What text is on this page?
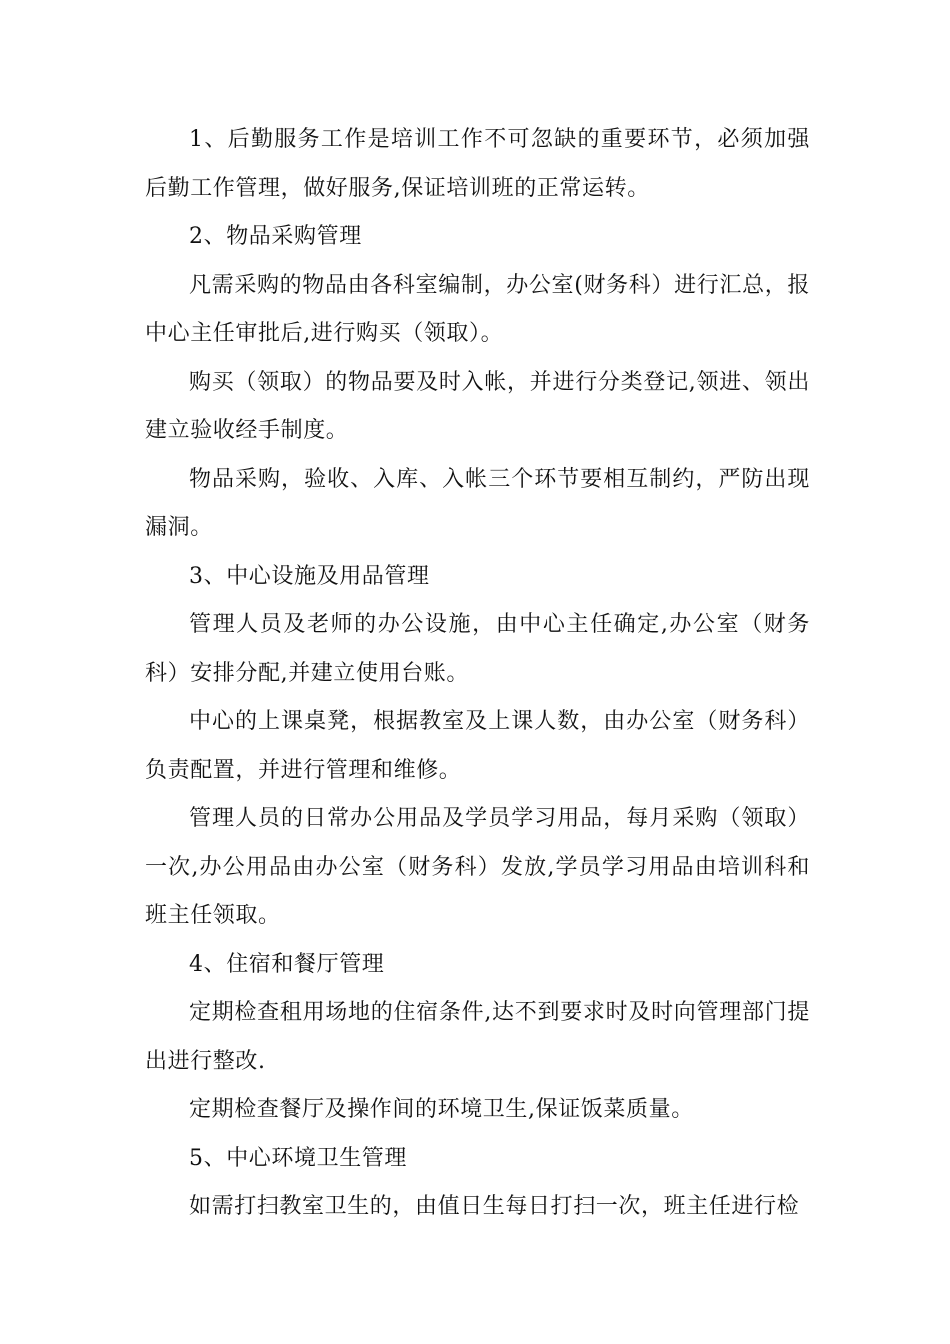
1、后勤服务工作是培训工作不可忽缺的重要环节，必须加强后勤工作管理，做好服务,保证培训班的正常运转。

2、物品采购管理

凡需采购的物品由各科室编制，办公室(财务科）进行汇总，报中心主任审批后,进行购买（领取）。

购买（领取）的物品要及时入帐，并进行分类登记,领进、领出建立验收经手制度。

物品采购，验收、入库、入帐三个环节要相互制约，严防出现漏洞。

3、中心设施及用品管理

管理人员及老师的办公设施，由中心主任确定,办公室（财务科）安排分配,并建立使用台账。

中心的上课桌凳，根据教室及上课人数，由办公室（财务科）负责配置，并进行管理和维修。

管理人员的日常办公用品及学员学习用品，每月采购（领取）一次,办公用品由办公室（财务科）发放,学员学习用品由培训科和班主任领取。

4、住宿和餐厅管理

定期检查租用场地的住宿条件,达不到要求时及时向管理部门提出进行整改.

定期检查餐厅及操作间的环境卫生,保证饭菜质量。

5、中心环境卫生管理

如需打扫教室卫生的，由值日生每日打扫一次，班主任进行检
